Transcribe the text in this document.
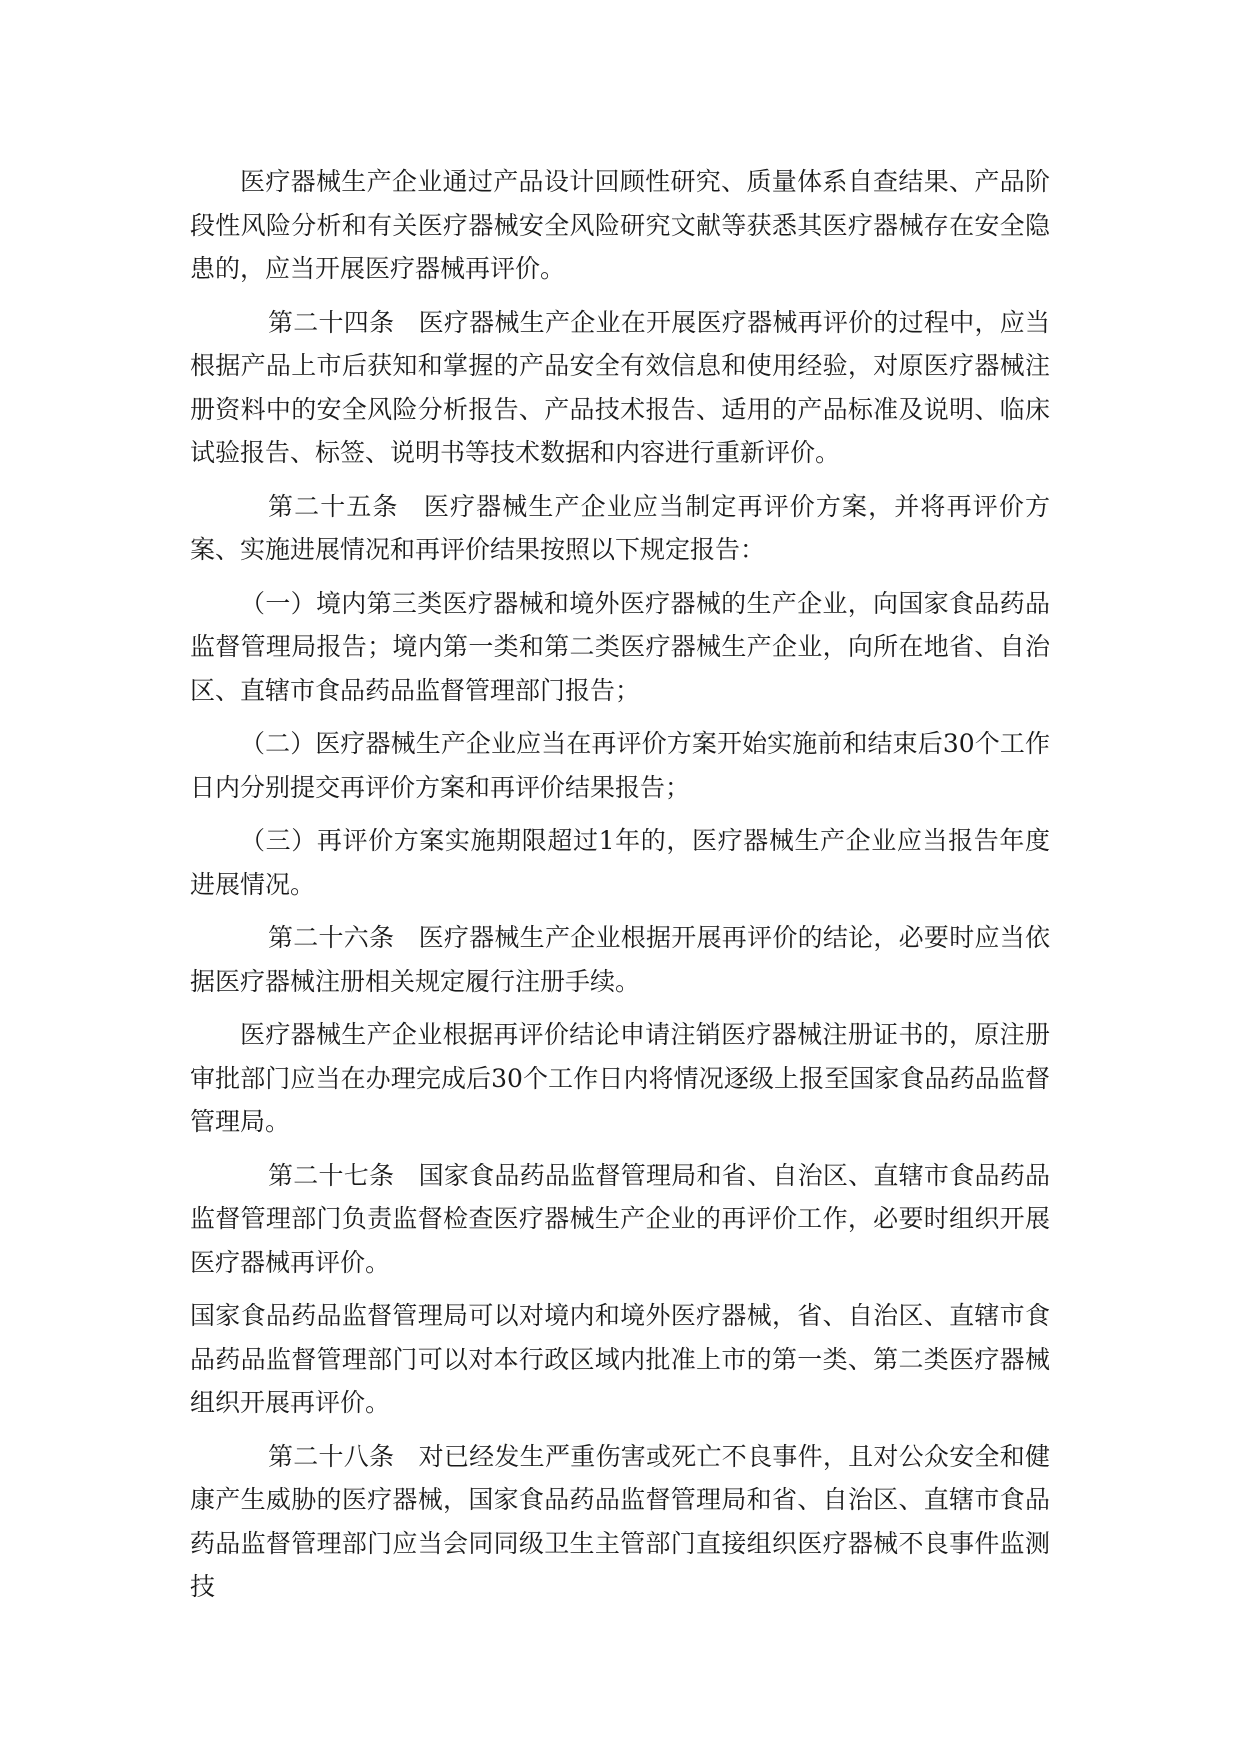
医疗器械生产企业通过产品设计回顾性研究、质量体系自查结果、产品阶段性风险分析和有关医疗器械安全风险研究文献等获悉其医疗器械存在安全隐患的，应当开展医疗器械再评价。

第二十四条 医疗器械生产企业在开展医疗器械再评价的过程中，应当根据产品上市后获知和掌握的产品安全有效信息和使用经验，对原医疗器械注册资料中的安全风险分析报告、产品技术报告、适用的产品标准及说明、临床试验报告、标签、说明书等技术数据和内容进行重新评价。

第二十五条 医疗器械生产企业应当制定再评价方案，并将再评价方案、实施进展情况和再评价结果按照以下规定报告：

（一）境内第三类医疗器械和境外医疗器械的生产企业，向国家食品药品监督管理局报告；境内第一类和第二类医疗器械生产企业，向所在地省、自治区、直辖市食品药品监督管理部门报告；

（二）医疗器械生产企业应当在再评价方案开始实施前和结束后30个工作日内分别提交再评价方案和再评价结果报告；

（三）再评价方案实施期限超过1年的，医疗器械生产企业应当报告年度进展情况。

第二十六条 医疗器械生产企业根据开展再评价的结论，必要时应当依据医疗器械注册相关规定履行注册手续。

医疗器械生产企业根据再评价结论申请注销医疗器械注册证书的，原注册审批部门应当在办理完成后30个工作日内将情况逐级上报至国家食品药品监督管理局。

第二十七条 国家食品药品监督管理局和省、自治区、直辖市食品药品监督管理部门负责监督检查医疗器械生产企业的再评价工作，必要时组织开展医疗器械再评价。

国家食品药品监督管理局可以对境内和境外医疗器械，省、自治区、直辖市食品药品监督管理部门可以对本行政区域内批准上市的第一类、第二类医疗器械组织开展再评价。

第二十八条 对已经发生严重伤害或死亡不良事件，且对公众安全和健康产生威胁的医疗器械，国家食品药品监督管理局和省、自治区、直辖市食品药品监督管理部门应当会同同级卫生主管部门直接组织医疗器械不良事件监测技
